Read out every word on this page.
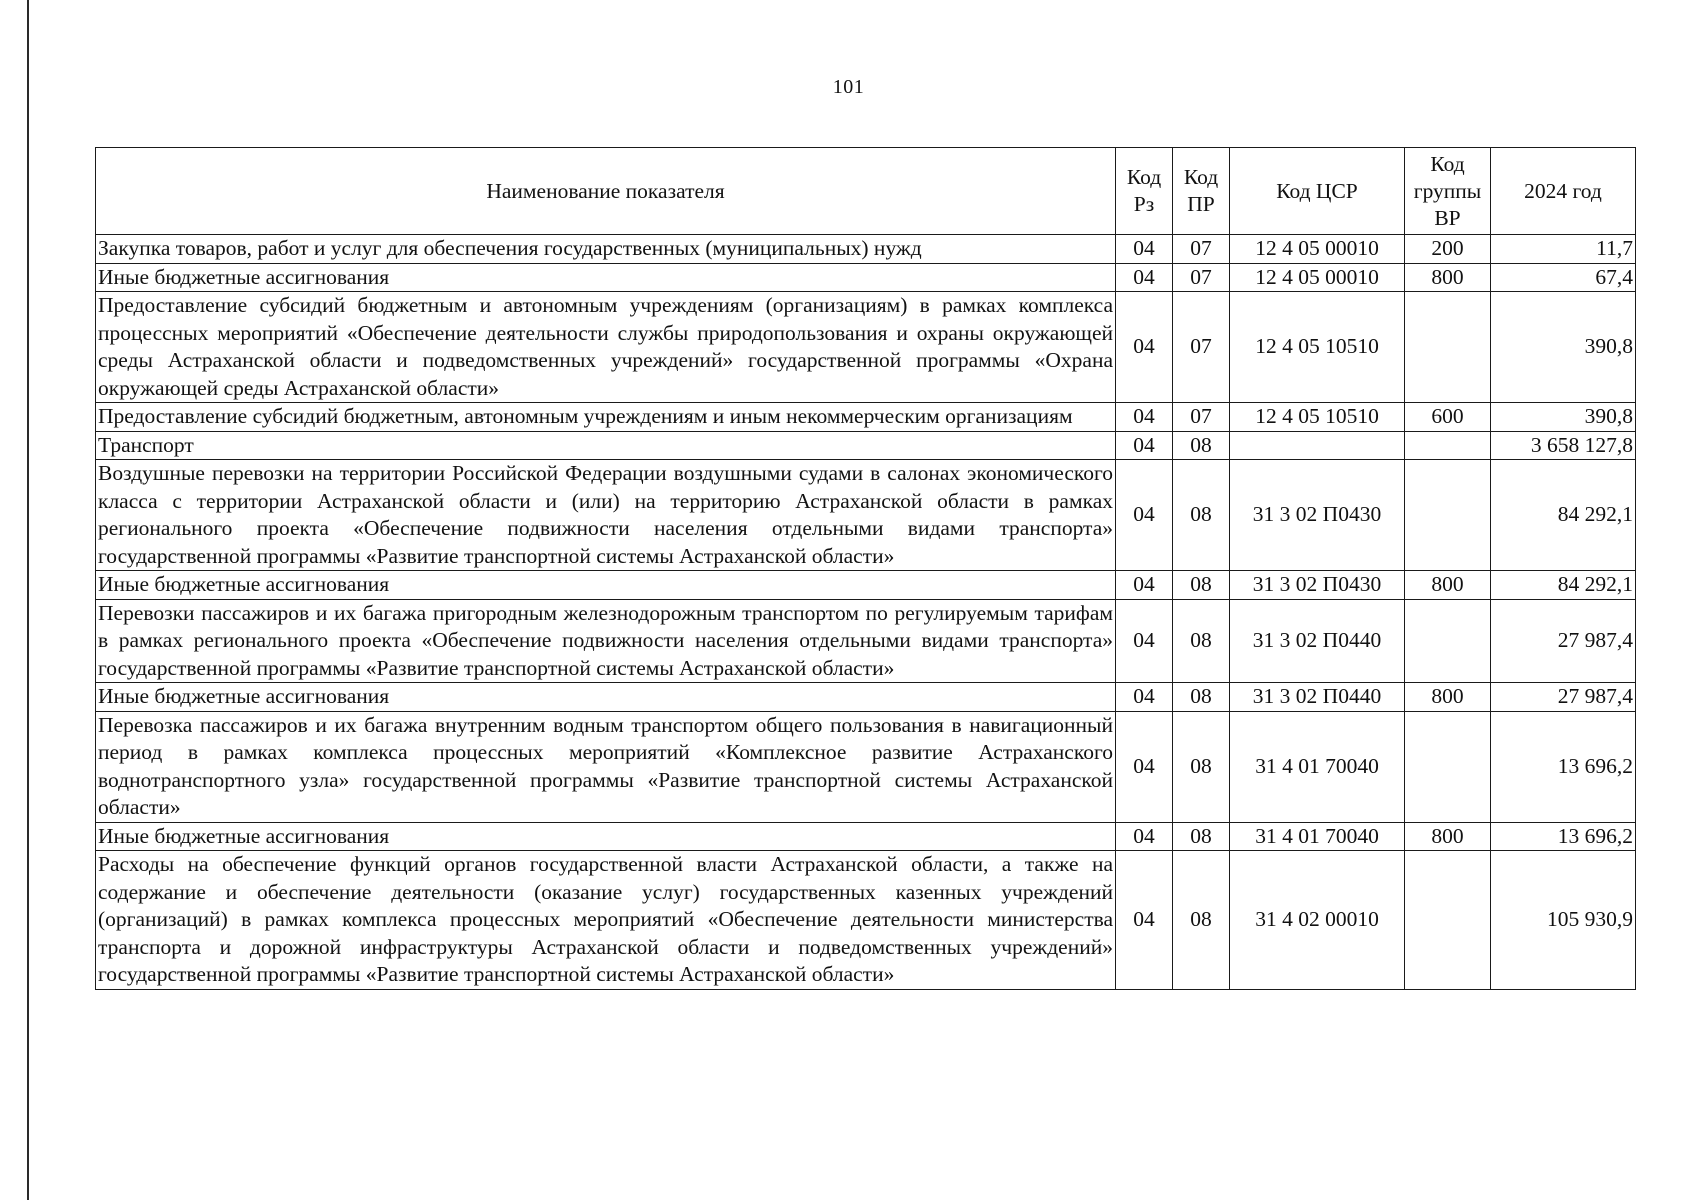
101
Наименование показателя	Код Рз	Код ПР	Код ЦСР	Код группы ВР	2024 год
Закупка товаров, работ и услуг для обеспечения государственных (муниципальных) нужд	04	07	12 4 05 00010	200	11,7
Иные бюджетные ассигнования	04	07	12 4 05 00010	800	67,4
Предоставление субсидий бюджетным и автономным учреждениям (организациям) в рамках комплекса процессных мероприятий «Обеспечение деятельности службы природопользования и охраны окружающей среды Астраханской области и подведомственных учреждений» государственной программы «Охрана окружающей среды Астраханской области»	04	07	12 4 05 10510		390,8
Предоставление субсидий бюджетным, автономным учреждениям и иным некоммерческим организациям	04	07	12 4 05 10510	600	390,8
Транспорт	04	08			3 658 127,8
Воздушные перевозки на территории Российской Федерации воздушными судами в салонах экономического класса с территории Астраханской области и (или) на территорию Астраханской области в рамках регионального проекта «Обеспечение подвижности населения отдельными видами транспорта» государственной программы «Развитие транспортной системы Астраханской области»	04	08	31 3 02 П0430		84 292,1
Иные бюджетные ассигнования	04	08	31 3 02 П0430	800	84 292,1
Перевозки пассажиров и их багажа пригородным железнодорожным транспортом по регулируемым тарифам в рамках регионального проекта «Обеспечение подвижности населения отдельными видами транспорта» государственной программы «Развитие транспортной системы Астраханской области»	04	08	31 3 02 П0440		27 987,4
Иные бюджетные ассигнования	04	08	31 3 02 П0440	800	27 987,4
Перевозка пассажиров и их багажа внутренним водным транспортом общего пользования в навигационный период в рамках комплекса процессных мероприятий «Комплексное развитие Астраханского воднотранспортного узла» государственной программы «Развитие транспортной системы Астраханской области»	04	08	31 4 01 70040		13 696,2
Иные бюджетные ассигнования	04	08	31 4 01 70040	800	13 696,2
Расходы на обеспечение функций органов государственной власти Астраханской области, а также на содержание и обеспечение деятельности (оказание услуг) государственных казенных учреждений (организаций) в рамках комплекса процессных мероприятий «Обеспечение деятельности министерства транспорта и дорожной инфраструктуры Астраханской области и подведомственных учреждений» государственной программы «Развитие транспортной системы Астраханской области»	04	08	31 4 02 00010		105 930,9
